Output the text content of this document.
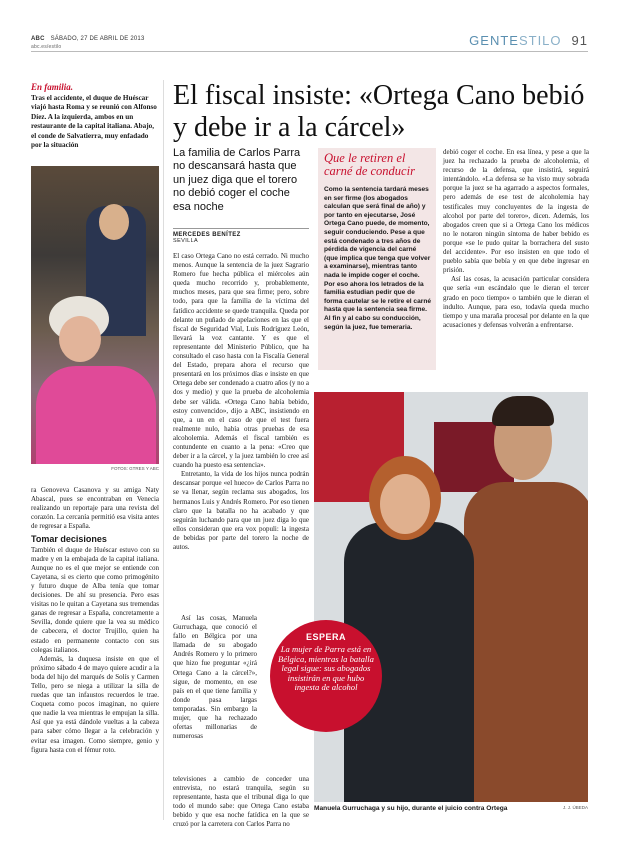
ABC SÁBADO, 27 DE ABRIL DE 2013
abc.es/estilo	GENTESTILO 91
En familia.
Tras el accidente, el duque de Huéscar viajó hasta Roma y se reunió con Alfonso Díez. A la izquierda, ambos en un restaurante de la capital italiana. Abajo, el conde de Salvatierra, muy enfadado por la situación
FOTOS: GTRES Y ABC

ra Genoveva Casanova y su amiga Naty Abascal, pues se encontraban en Venecia realizando un reportaje para una revista del corazón. La cercanía permitió esa visita antes de regresar a España.

Tomar decisiones

También el duque de Huéscar estuvo con su madre y en la embajada de la capital italiana. Aunque no es el que mejor se entiende con Cayetana, si es cierto que como primogénito y futuro duque de Alba tenía que tomar decisiones. De ahí su presencia. Pero esas visitas no le quitan a Cayetana sus tremendas ganas de regresar a España, concretamente a Sevilla, donde quiere que la vea su médico de cabecera, el doctor Trujillo, quien ha estado en permanente contacto con sus colegas italianos.

Además, la duquesa insiste en que el próximo sábado 4 de mayo quiere acudir a la boda del hijo del marqués de Solís y Carmen Tello, pero se niega a utilizar la silla de ruedas que tan infaustos recuerdos le trae. Coqueta como pocos imaginan, no quiere que nadie la vea mientras le empujan la silla. Así que ya está dándole vueltas a la cabeza para saber cómo llegar a la celebración y evitar esa imagen. Como siempre, genio y figura hasta con el fémur roto.

El fiscal insiste: «Ortega Cano bebió y debe ir a la cárcel»
La familia de Carlos Parra no descansará hasta que un juez diga que el torero no debió coger el coche esa noche
MERCEDES BENÍTEZ
SEVILLA

El caso Ortega Cano no está cerrado. Ni mucho menos. Aunque la sentencia de la juez Sagrario Romero fue hecha pública el miércoles aún queda mucho recorrido y, probablemente, muchos meses, para que sea firme; pero, sobre todo, para que la familia de la víctima del fatídico accidente se quede tranquila. Queda por delante un puñado de apelaciones en las que el fiscal de Seguridad Vial, Luis Rodríguez León, llevará la voz cantante. Y es que el representante del Ministerio Público, que ha consultado el caso hasta con la Fiscalía General del Estado, prepara ahora el recurso que presentará en los próximos días e insiste en que Ortega debe ser condenado a cuatro años (y no a dos y medio) y que la prueba de alcoholemia debe ser válida. «Ortega Cano había bebido, estoy convencido», dijo a ABC, insistiendo en que, a un en el caso de que el test fuera realmente nulo, había otras pruebas de esa alcoholemia. Además el fiscal también es contundente en cuanto a la pena: «Creo que deber ir a la cárcel, y la juez también lo cree así cuando ha puesto esa sentencia».

Entretanto, la vida de los hijos nunca podrán descansar porque «el hueco» de Carlos Parra no se va llenar, según reclama sus abogados, los hermanos Luis y Andrés Romero. Por eso tienen claro que la batalla no ha acabado y que seguirán luchando para que un juez diga lo que ellos consideran que era vox populi: la ingesta de bebidas por parte del torero la noche de autos.

Así las cosas, Manuela Gurruchaga, que conoció el fallo en Bélgica por una llamada de su abogado Andrés Romero y lo primero que hizo fue preguntar «¿irá Ortega Cano a la cárcel?», sigue, de momento, en ese país en el que tiene familia y donde pasa largas temporadas. Sin embargo la mujer, que ha rechazado ofertas millonarias de numerosas

televisiones a cambio de conceder una entrevista, no estará tranquila, según su representante, hasta que el tribunal diga lo que todo el mundo sabe: que Ortega Cano estaba bebido y que esa noche fatídica en la que se cruzó por la carretera con Carlos Parra no

Que le retiren el carné de conducir
Como la sentencia tardará meses en ser firme (los abogados calculan que será final de año) y por tanto en ejecutarse, José Ortega Cano puede, de momento, seguir conduciendo. Pese a que está condenado a tres años de pérdida de vigencia del carné (que implica que tenga que volver a examinarse), mientras tanto nada le impide coger el coche. Por eso ahora los letrados de la familia estudian pedir que de forma cautelar se le retire el carné hasta que la sentencia sea firme. Al fin y al cabo su conducción, según la juez, fue temeraria.

debió coger el coche. En esa línea, y pese a que la juez ha rechazado la prueba de alcoholemia, el recurso de la defensa, que insistirá, seguirá intentándolo. «La defensa se ha visto muy sobrada porque la juez se ha agarrado a aspectos formales, pero además de ese test de alcoholemia hay testificales muy concluyentes de la ingesta de alcohol por parte del torero», dicen. Además, los abogados creen que si a Ortega Cano los médicos no le notaron ningún síntoma de haber bebido es porque «se le pudo quitar la borrachera del susto del accidente». Por eso insisten en que todo el pueblo sabía que bebía y en que debe ingresar en prisión.

Así las cosas, la acusación particular considera que sería «un escándalo que le dieran el tercer grado en poco tiempo» o también que le dieran el indulto. Aunque, para eso, todavía queda mucho tiempo y una maraña procesal por delante en la que acusaciones y defensas volverán a enfrentarse.

ESPERA
La mujer de Parra está en Bélgica, mientras la batalla legal sigue: sus abogados insistirán en que hubo ingesta de alcohol
Manuela Gurruchaga y su hijo, durante el juicio contra Ortega	J. J. ÚBEDA
